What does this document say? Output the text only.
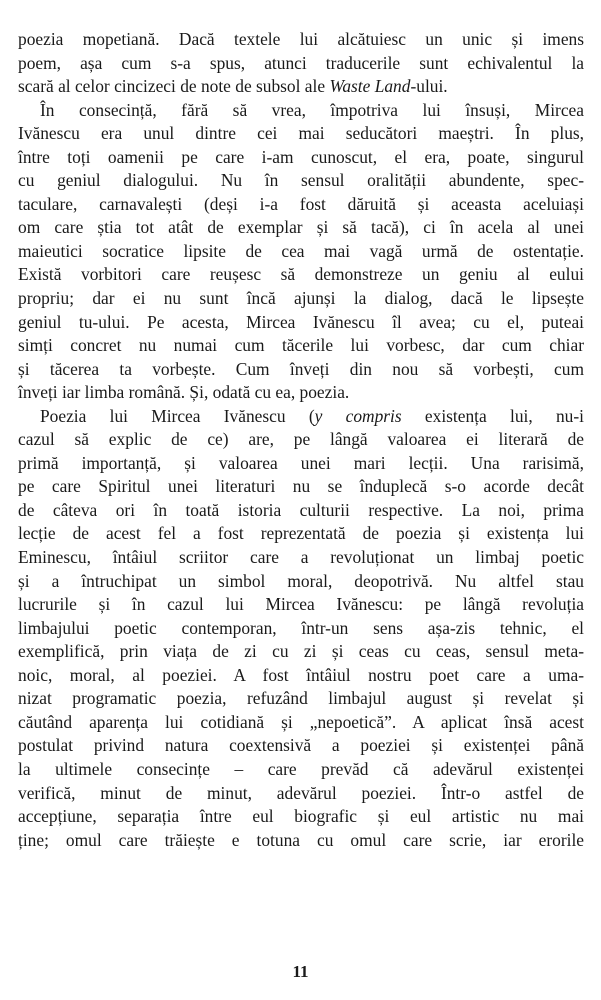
poezia mopetiană. Dacă textele lui alcătuiesc un unic și imens
poem, așa cum s-a spus, atunci traducerile sunt echivalentul la
scară al celor cincizeci de note de subsol ale Waste Land-ului.
În consecință, fără să vrea, împotriva lui însuși, Mircea
Ivănescu era unul dintre cei mai seducători maeștri. În plus,
între toți oamenii pe care i-am cunoscut, el era, poate, singurul
cu geniul dialogului. Nu în sensul oralității abundente, spec-
taculare, carnavalești (deși i-a fost dăruită și aceasta aceluiași
om care știa tot atât de exemplar și să tacă), ci în acela al unei
maieutici socratice lipsite de cea mai vagă urmă de ostentație.
Există vorbitori care reușesc să demonstreze un geniu al eului
propriu; dar ei nu sunt încă ajunși la dialog, dacă le lipsește
geniul tu-ului. Pe acesta, Mircea Ivănescu îl avea; cu el, puteai
simți concret nu numai cum tăcerile lui vorbesc, dar cum chiar
și tăcerea ta vorbește. Cum înveți din nou să vorbești, cum
înveți iar limba română. Și, odată cu ea, poezia.
Poezia lui Mircea Ivănescu (y compris existența lui, nu-i
cazul să explic de ce) are, pe lângă valoarea ei literară de
primă importanță, și valoarea unei mari lecții. Una rarisimă,
pe care Spiritul unei literaturi nu se înduplecă s-o acorde decât
de câteva ori în toată istoria culturii respective. La noi, prima
lecție de acest fel a fost reprezentată de poezia și existența lui
Eminescu, întâiul scriitor care a revoluționat un limbaj poetic
și a întruchipat un simbol moral, deopotrivă. Nu altfel stau
lucrurile și în cazul lui Mircea Ivănescu: pe lângă revoluția
limbajului poetic contemporan, într-un sens așa-zis tehnic, el
exemplifică, prin viața de zi cu zi și ceas cu ceas, sensul meta-
noic, moral, al poeziei. A fost întâiul nostru poet care a uma-
nizat programatic poezia, refuzând limbajul august și revelat și
căutând aparența lui cotidiană și „nepoetică”. A aplicat însă acest
postulat privind natura coextensivă a poeziei și existenței până
la ultimele consecințe – care prevăd că adevărul existenței
verifică, minut de minut, adevărul poeziei. Într-o astfel de
accepțiune, separația între eul biografic și eul artistic nu mai
ține; omul care trăiește e totuna cu omul care scrie, iar erorile
11
